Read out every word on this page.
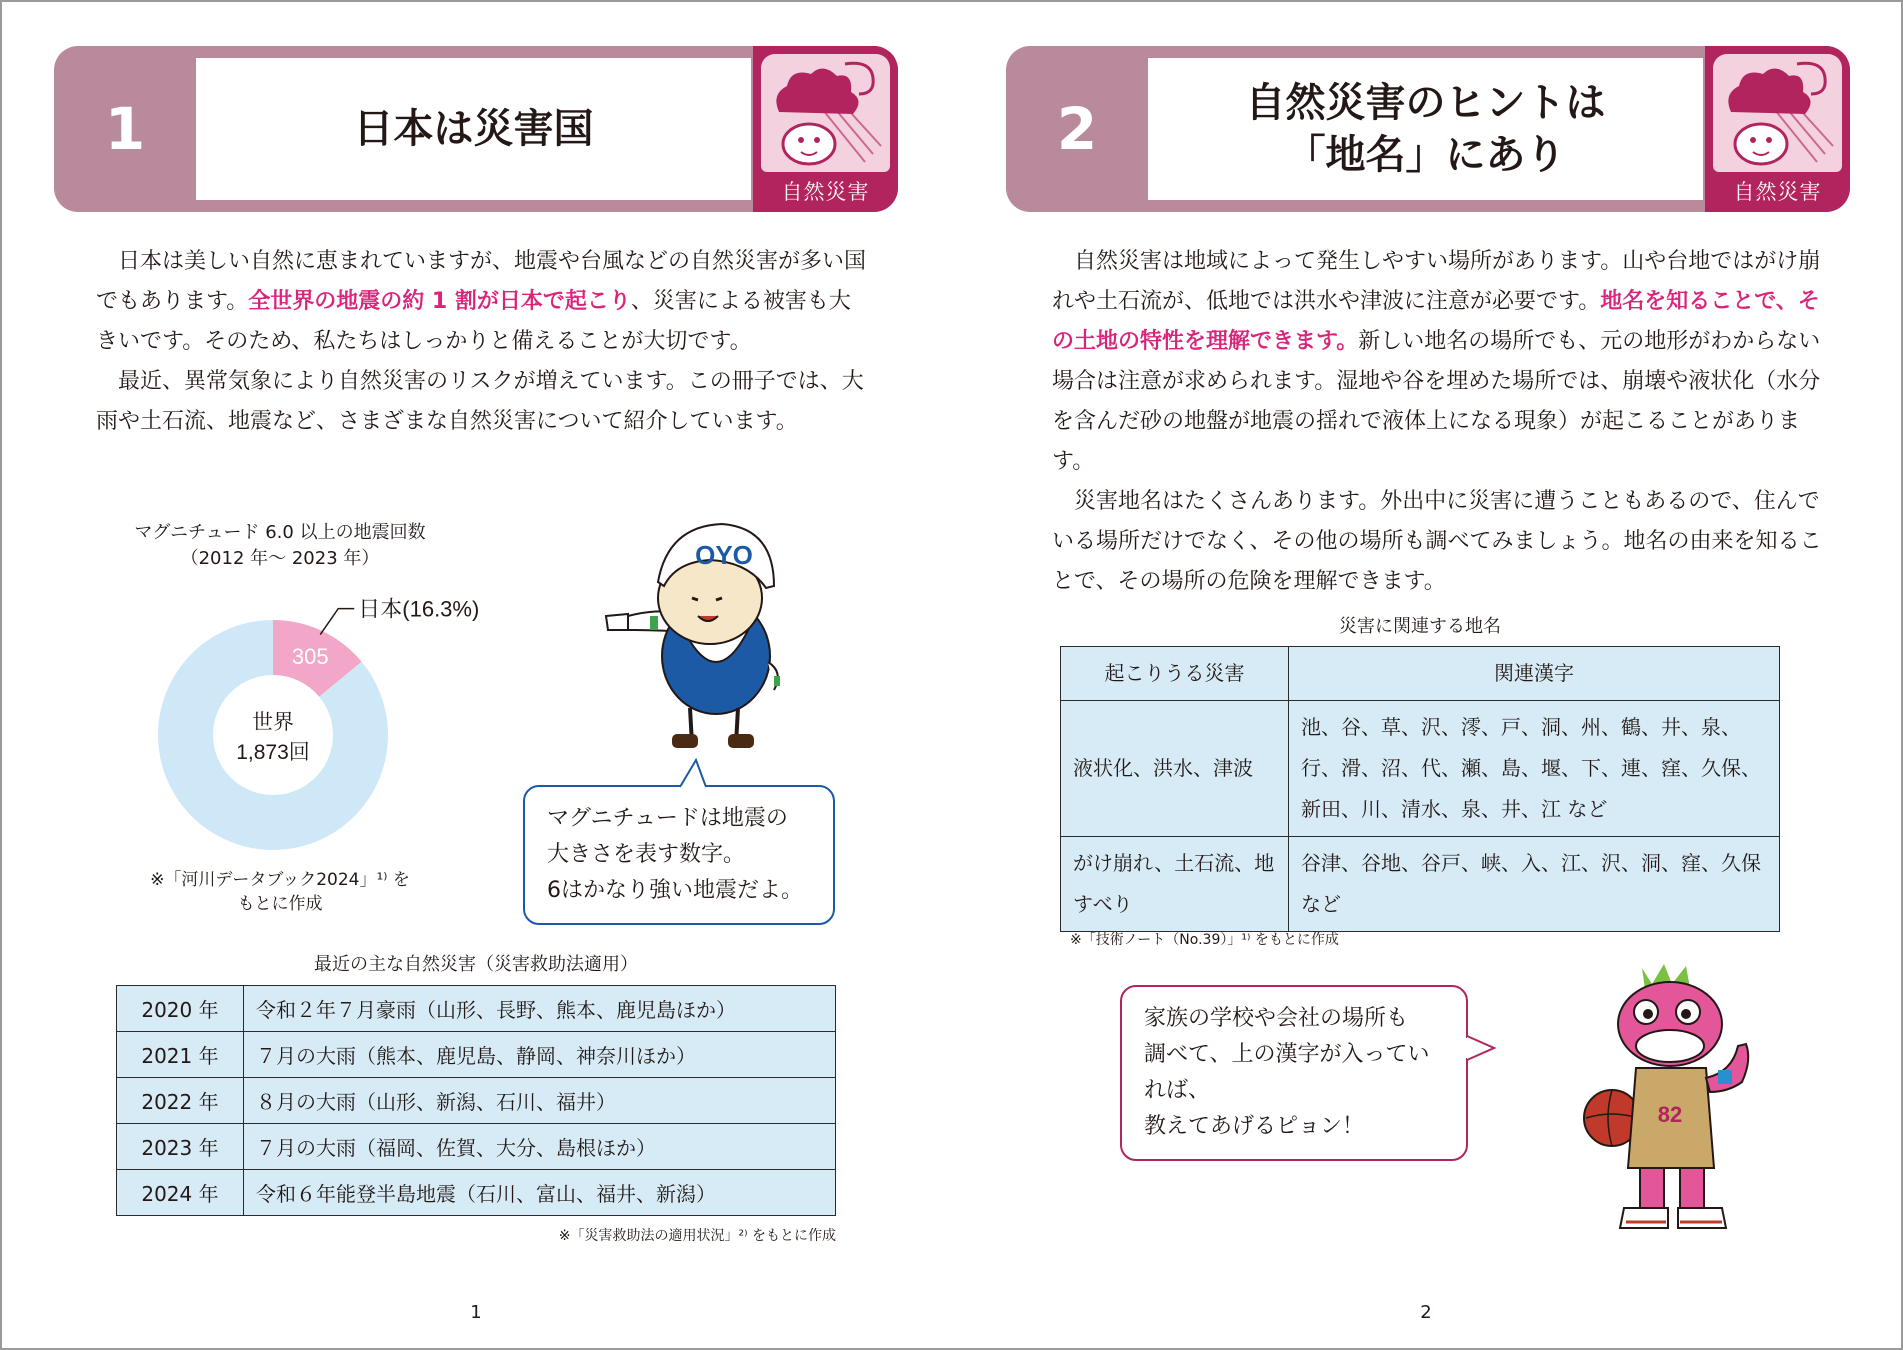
1	日本は災害国
自然災害

日本は美しい自然に恵まれていますが、地震や台風などの自然災害が多い国でもあります。全世界の地震の約 1 割が日本で起こり、災害による被害も大きいです。そのため、私たちはしっかりと備えることが大切です。

最近、異常気象により自然災害のリスクが増えています。この冊子では、大雨や土石流、地震など、さまざまな自然災害について紹介しています。

マグニチュード 6.0 以上の地震回数
（2012 年～ 2023 年）
305
日本(16.3%)
世界
1,873回
※「河川データブック2024」¹⁾ を
もとに作成
OYO
マグニチュードは地震の
大きさを表す数字。
6はかなり強い地震だよ。
最近の主な自然災害（災害救助法適用）
2020 年	令和２年７月豪雨（山形、長野、熊本、鹿児島ほか）
2021 年	７月の大雨（熊本、鹿児島、静岡、神奈川ほか）
2022 年	８月の大雨（山形、新潟、石川、福井）
2023 年	７月の大雨（福岡、佐賀、大分、島根ほか）
2024 年	令和６年能登半島地震（石川、富山、福井、新潟）
※「災害救助法の適用状況」²⁾ をもとに作成
1
2	自然災害のヒントは
「地名」にあり
自然災害

自然災害は地域によって発生しやすい場所があります。山や台地ではがけ崩れや土石流が、低地では洪水や津波に注意が必要です。地名を知ることで、その土地の特性を理解できます。新しい地名の場所でも、元の地形がわからない場合は注意が求められます。湿地や谷を埋めた場所では、崩壊や液状化（水分を含んだ砂の地盤が地震の揺れで液体上になる現象）が起こることがあります。

災害地名はたくさんあります。外出中に災害に遭うこともあるので、住んでいる場所だけでなく、その他の場所も調べてみましょう。地名の由来を知ることで、その場所の危険を理解できます。

災害に関連する地名
起こりうる災害	関連漢字
液状化、洪水、津波	池、谷、草、沢、澪、戸、洞、州、鶴、井、泉、行、滑、沼、代、瀬、島、堰、下、連、窪、久保、新田、川、清水、泉、井、江 など
がけ崩れ、土石流、地すべり	谷津、谷地、谷戸、峡、入、江、沢、洞、窪、久保 など
※「技術ノート（No.39）」¹⁾ をもとに作成
家族の学校や会社の場所も
調べて、上の漢字が入っていれば、
教えてあげるピョン！	82
2
